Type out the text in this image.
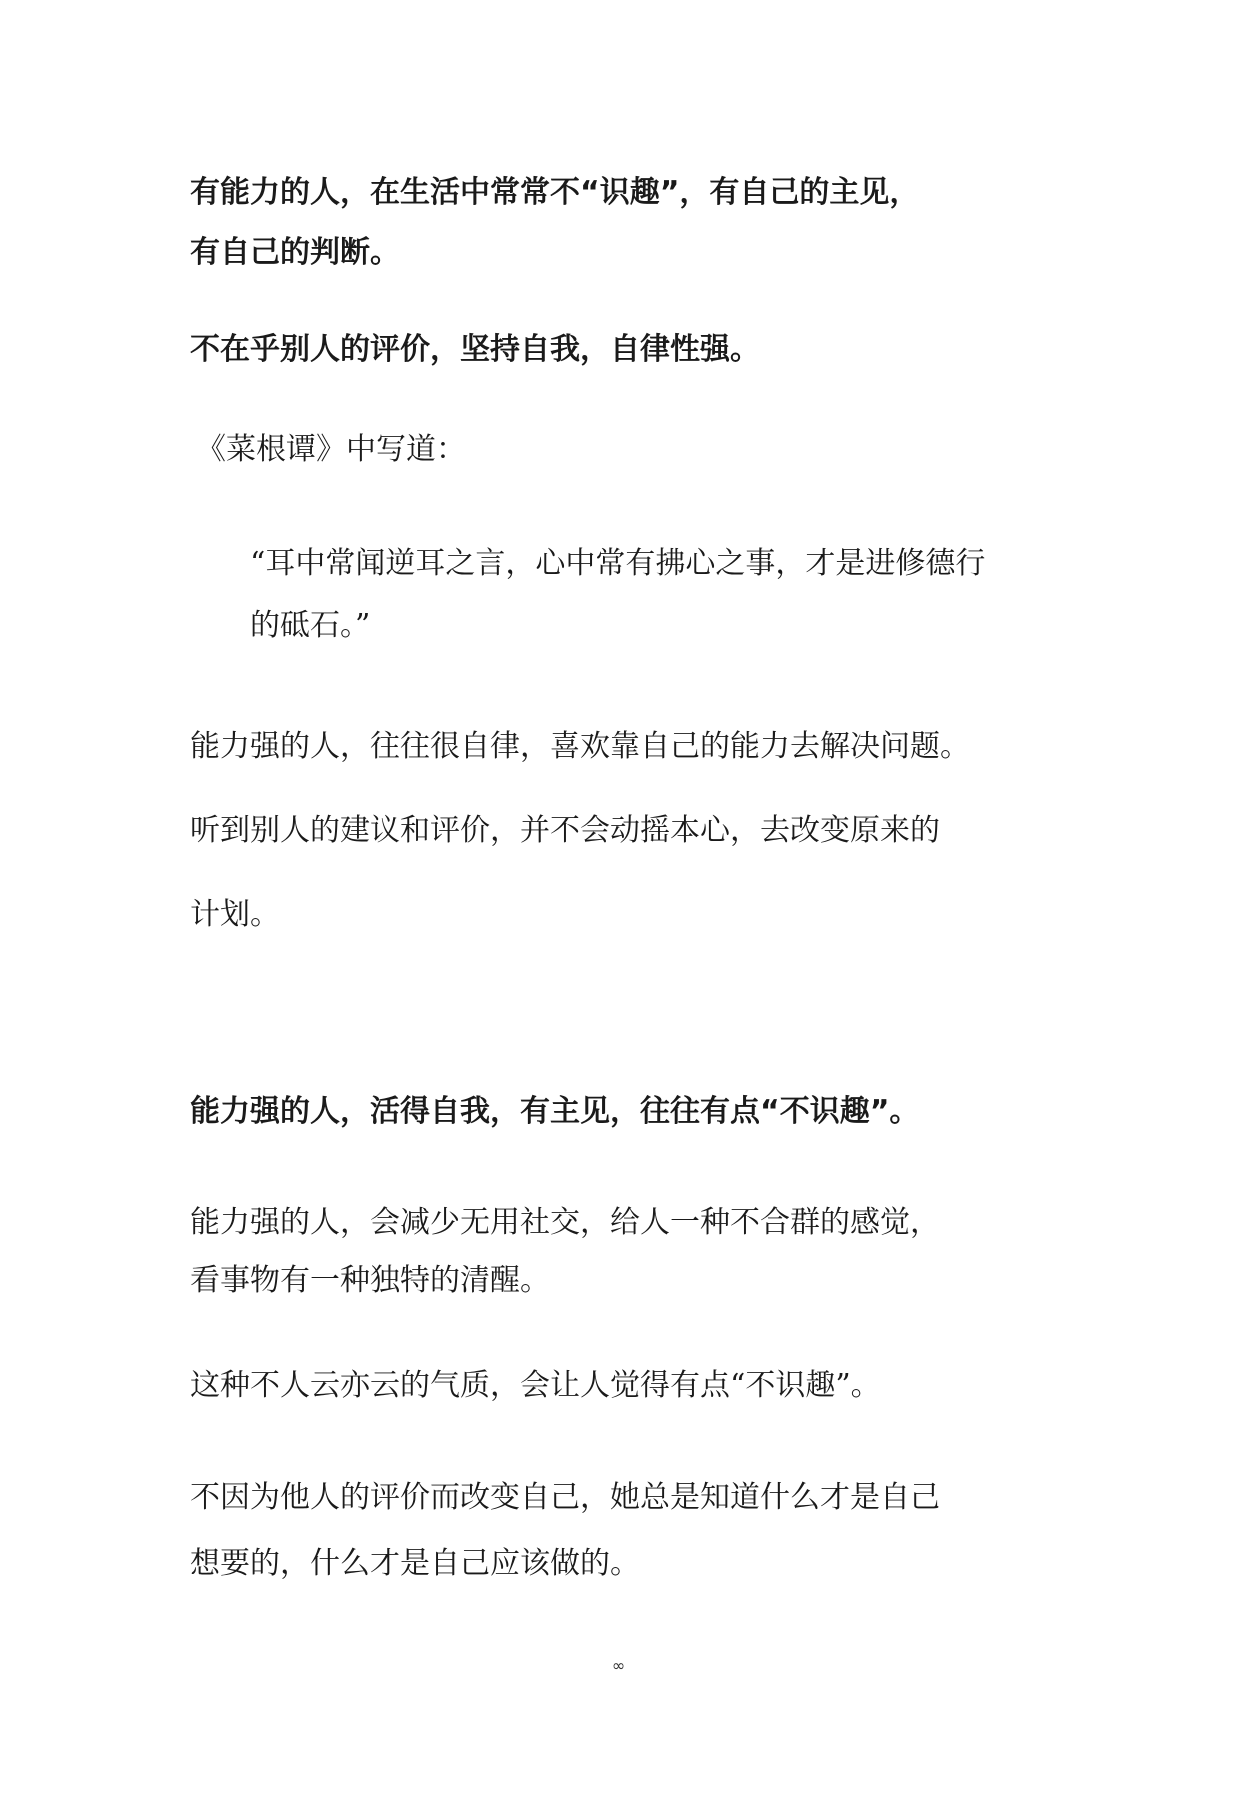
有能力的人，在生活中常常不“识趣”，有自己的主见，
有自己的判断。

不在乎别人的评价，坚持自我，自律性强。

《菜根谭》中写道：

“耳中常闻逆耳之言，心中常有拂心之事，才是进修德行
的砥石。”

能力强的人，往往很自律，喜欢靠自己的能力去解决问题。
听到别人的建议和评价，并不会动摇本心，去改变原来的
计划。

能力强的人，活得自我，有主见，往往有点“不识趣”。

能力强的人，会减少无用社交，给人一种不合群的感觉，
看事物有一种独特的清醒。

这种不人云亦云的气质，会让人觉得有点“不识趣”。

不因为他人的评价而改变自己，她总是知道什么才是自己
想要的，什么才是自己应该做的。

∞
